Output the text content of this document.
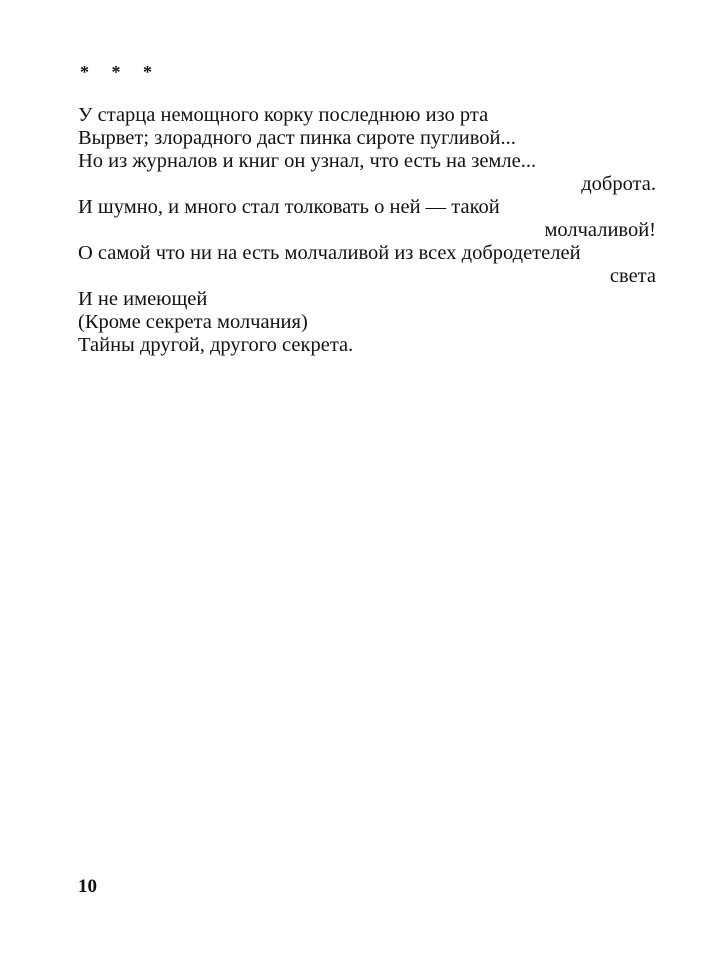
* * *
У старца немощного корку последнюю изо рта
Вырвет; злорадного даст пинка сироте пугливой...
Но из журналов и книг он узнал, что есть на земле...
доброта.
И шумно, и много стал толковать о ней — такой
молчаливой!
О самой что ни на есть молчаливой из всех добродетелей
света
И не имеющей
(Кроме секрета молчания)
Тайны другой, другого секрета.
10
